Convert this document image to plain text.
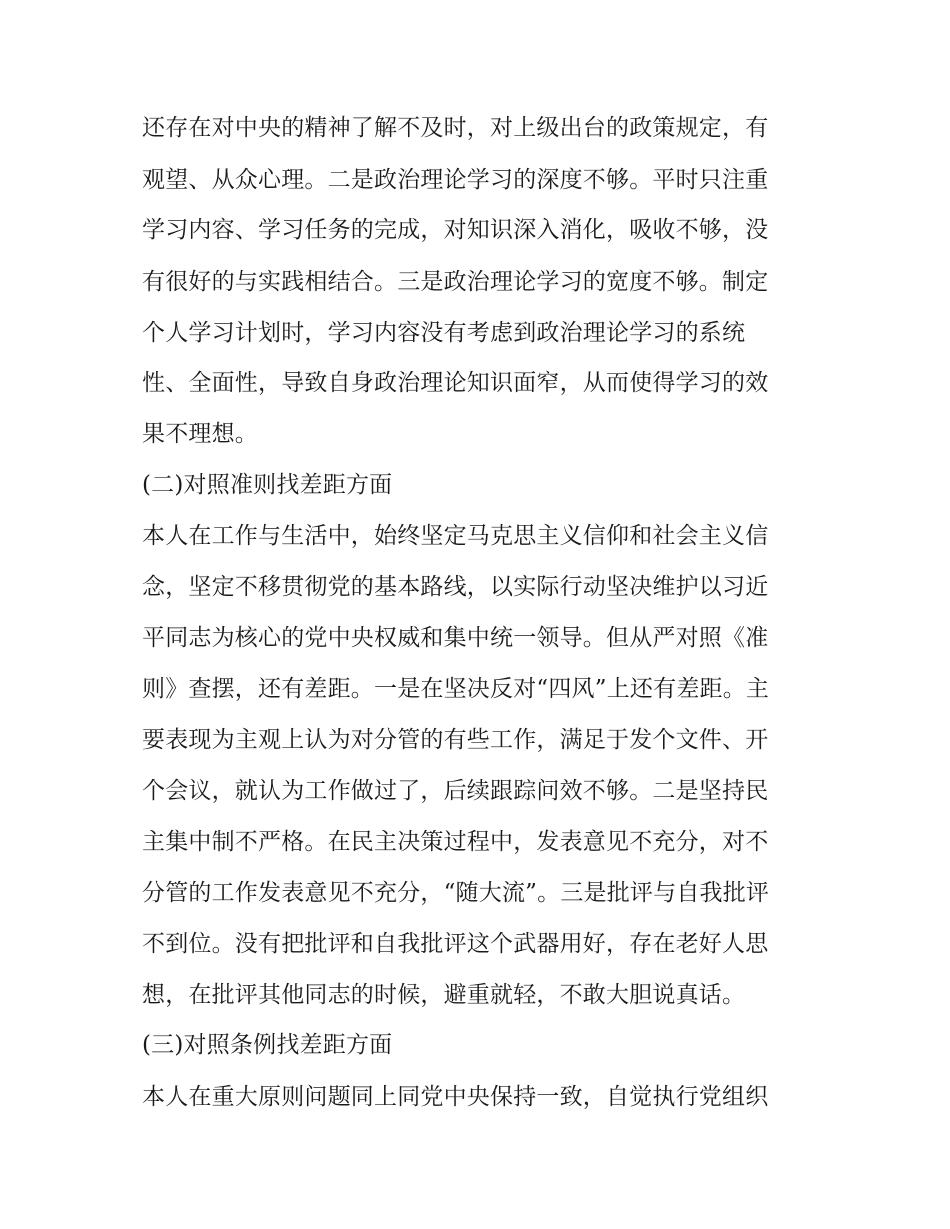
还存在对中央的精神了解不及时，对上级出台的政策规定，有
观望、从众心理。二是政治理论学习的深度不够。平时只注重
学习内容、学习任务的完成，对知识深入消化，吸收不够，没
有很好的与实践相结合。三是政治理论学习的宽度不够。制定
个人学习计划时，学习内容没有考虑到政治理论学习的系统
性、全面性，导致自身政治理论知识面窄，从而使得学习的效
果不理想。
(二)对照准则找差距方面
本人在工作与生活中，始终坚定马克思主义信仰和社会主义信
念，坚定不移贯彻党的基本路线，以实际行动坚决维护以习近
平同志为核心的党中央权威和集中统一领导。但从严对照《准
则》查摆，还有差距。一是在坚决反对“四风”上还有差距。主
要表现为主观上认为对分管的有些工作，满足于发个文件、开
个会议，就认为工作做过了，后续跟踪问效不够。二是坚持民
主集中制不严格。在民主决策过程中，发表意见不充分，对不
分管的工作发表意见不充分，“随大流”。三是批评与自我批评
不到位。没有把批评和自我批评这个武器用好，存在老好人思
想，在批评其他同志的时候，避重就轻，不敢大胆说真话。
(三)对照条例找差距方面
本人在重大原则问题同上同党中央保持一致，自觉执行党组织
